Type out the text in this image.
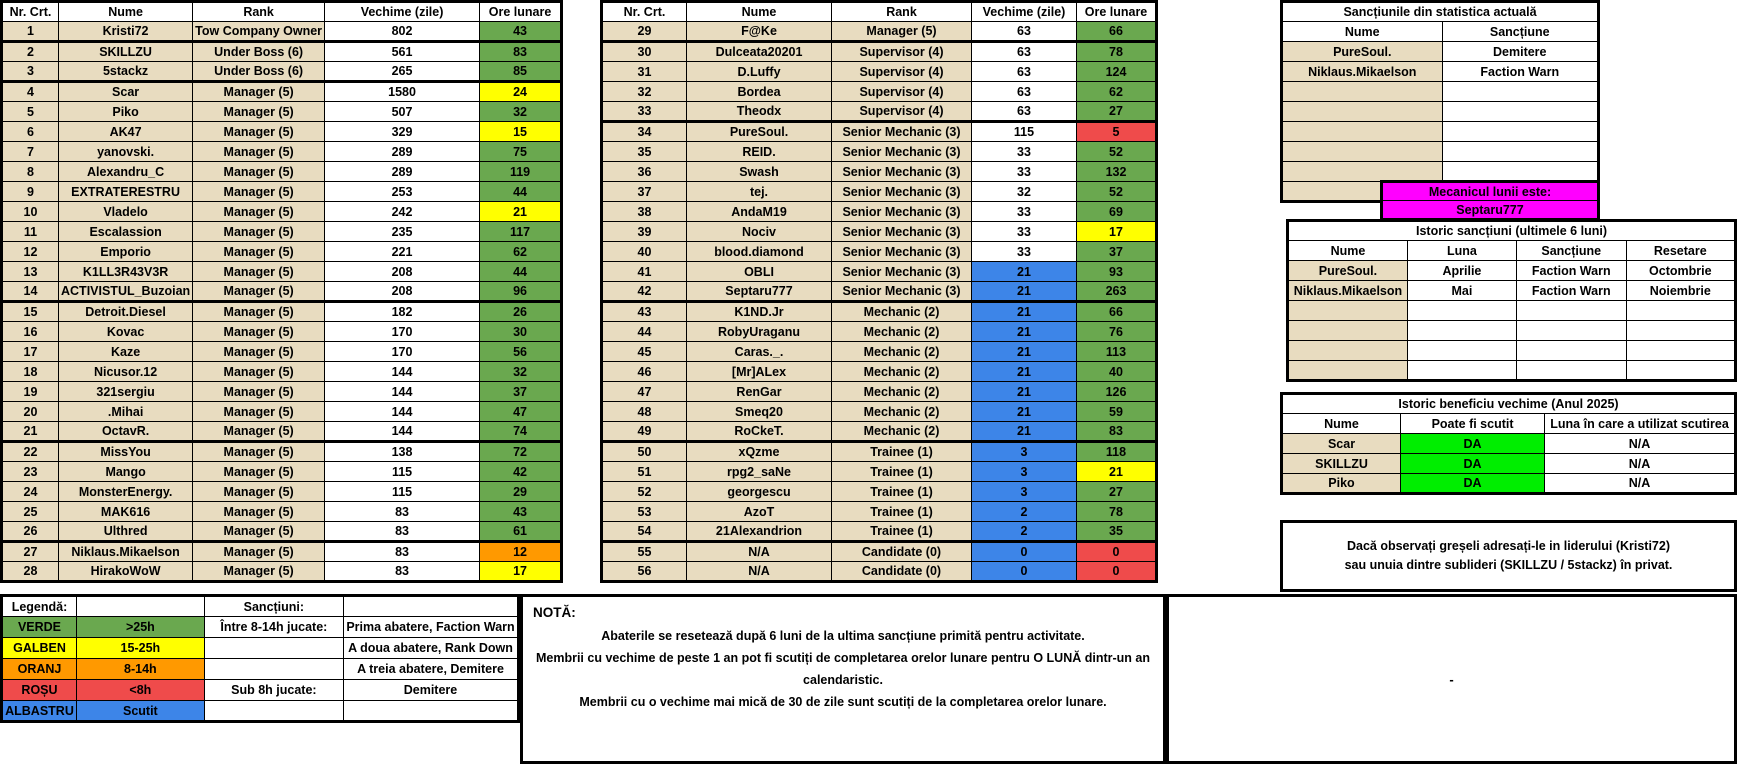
Nr. Crt.	Nume	Rank	Vechime (zile)	Ore lunare
1	Kristi72	Tow Company Owner	802	43
2	SKILLZU	Under Boss (6)	561	83
3	5stackz	Under Boss (6)	265	85
4	Scar	Manager (5)	1580	24
5	Piko	Manager (5)	507	32
6	AK47	Manager (5)	329	15
7	yanovski.	Manager (5)	289	75
8	Alexandru_C	Manager (5)	289	119
9	EXTRATERESTRU	Manager (5)	253	44
10	Vladelo	Manager (5)	242	21
11	Escalassion	Manager (5)	235	117
12	Emporio	Manager (5)	221	62
13	K1LL3R43V3R	Manager (5)	208	44
14	ACTIVISTUL_Buzoian	Manager (5)	208	96
15	Detroit.Diesel	Manager (5)	182	26
16	Kovac	Manager (5)	170	30
17	Kaze	Manager (5)	170	56
18	Nicusor.12	Manager (5)	144	32
19	321sergiu	Manager (5)	144	37
20	.Mihai	Manager (5)	144	47
21	OctavR.	Manager (5)	144	74
22	MissYou	Manager (5)	138	72
23	Mango	Manager (5)	115	42
24	MonsterEnergy.	Manager (5)	115	29
25	MAK616	Manager (5)	83	43
26	Ulthred	Manager (5)	83	61
27	Niklaus.Mikaelson	Manager (5)	83	12
28	HirakoWoW	Manager (5)	83	17
Nr. Crt.	Nume	Rank	Vechime (zile)	Ore lunare
29	F@Ke	Manager (5)	63	66
30	Dulceata20201	Supervisor (4)	63	78
31	D.Luffy	Supervisor (4)	63	124
32	Bordea	Supervisor (4)	63	62
33	Theodx	Supervisor (4)	63	27
34	PureSoul.	Senior Mechanic (3)	115	5
35	REID.	Senior Mechanic (3)	33	52
36	Swash	Senior Mechanic (3)	33	132
37	tej.	Senior Mechanic (3)	32	52
38	AndaM19	Senior Mechanic (3)	33	69
39	Nociv	Senior Mechanic (3)	33	17
40	blood.diamond	Senior Mechanic (3)	33	37
41	OBLI	Senior Mechanic (3)	21	93
42	Septaru777	Senior Mechanic (3)	21	263
43	K1ND.Jr	Mechanic (2)	21	66
44	RobyUraganu	Mechanic (2)	21	76
45	Caras._.	Mechanic (2)	21	113
46	[Mr]ALex	Mechanic (2)	21	40
47	RenGar	Mechanic (2)	21	126
48	Smeq20	Mechanic (2)	21	59
49	RoCkeT.	Mechanic (2)	21	83
50	xQzme	Trainee (1)	3	118
51	rpg2_saNe	Trainee (1)	3	21
52	georgescu	Trainee (1)	3	27
53	AzoT	Trainee (1)	2	78
54	21Alexandrion	Trainee (1)	2	35
55	N/A	Candidate (0)	0	0
56	N/A	Candidate (0)	0	0
Sancțiunile din statistica actuală	
Nume	Sancțiune
PureSoul.	Demitere
Niklaus.Mikaelson	Faction Warn

Mecanicul lunii este:
Septaru777
Istoric sancțiuni (ultimele 6 luni)			
Nume	Luna	Sancțiune	Resetare
PureSoul.	Aprilie	Faction Warn	Octombrie
Niklaus.Mikaelson	Mai	Faction Warn	Noiembrie

Istoric beneficiu vechime (Anul 2025)		
Nume	Poate fi scutit	Luna în care a utilizat scutirea
Scar	DA	N/A
SKILLZU	DA	N/A
Piko	DA	N/A
Dacă observați greșeli adresați-le in liderului (Kristi72)
sau unuia dintre sublideri (SKILLZU / 5stackz) în privat.
Legendă:		Sancțiuni:	
VERDE	>25h	Între 8-14h jucate:	Prima abatere, Faction Warn
GALBEN	15-25h		A doua abatere, Rank Down
ORANJ	8-14h		A treia abatere, Demitere
ROȘU	<8h	Sub 8h jucate:	Demitere
ALBASTRU	Scutit		
NOTĂ:
Abaterile se resetează după 6 luni de la ultima sancțiune primită pentru activitate.
Membrii cu vechime de peste 1 an pot fi scutiți de completarea orelor lunare pentru O LUNĂ dintr-un an calendaristic.
Membrii cu o vechime mai mică de 30 de zile sunt scutiți de la completarea orelor lunare.
-
